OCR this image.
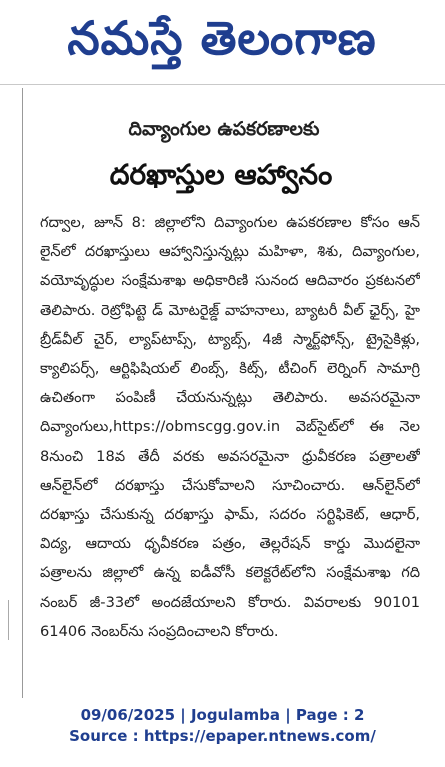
నమస్తే తెలంగాణ
దివ్యాంగుల ఉపకరణాలకు
దరఖాస్తుల ఆహ్వానం
గద్వాల, జూన్ 8: జిల్లాలోని దివ్యాంగుల ఉపకరణాల కోసం ఆన్ లైన్‌లో దరఖాస్తులు ఆహ్వానిస్తున్నట్లు మహిళా, శిశు, దివ్యాంగుల, వయోవృద్ధుల సంక్షేమశాఖ అధికారిణి సునంద ఆదివారం ప్రకటనలో తెలిపారు. రెట్రోఫిట్టె డ్‌ మోటరైజ్డ్ వాహనాలు, బ్యాటరీ వీల్ ఛైర్స్, హై బ్రీడ్‌వీల్ చైర్, ల్యాప్‌టాప్స్, ట్యాబ్స్, 4జీ స్మార్ట్‌ఫోన్స్, ట్రైసైకిళ్లు, క్యాలిపర్స్, ఆర్టిఫిషియల్ లింబ్స్, కిట్స్, టీచింగ్ లెర్నింగ్ సామాగ్రి ఉచితంగా పంపిణీ చేయనున్నట్లు తెలిపారు. అవసరమైనా దివ్యాంగులు,https://obmscgg.gov.in వెబ్‌సైట్‌లో ఈ నెల 8నుంచి 18వ తేదీ వరకు అవసరమైనా ధ్రువీకరణ పత్రాలతో ఆన్‌లైన్‌లో దరఖాస్తు చేసుకోవాలని సూచించారు. ఆన్‌లైన్‌లో దరఖాస్తు చేసుకున్న దరఖాస్తు ఫామ్, సదరం సర్టిఫికెట్, ఆధార్, విద్య, ఆదాయ ధృవీకరణ పత్రం, తెల్లరేషన్ కార్డు మొదలైనా పత్రాలను జిల్లాలో ఉన్న ఐడీవోసీ కలెక్టరేట్‌లోని సంక్షేమశాఖ గది నంబర్ జీ-33లో అందజేయాలని కోరారు. వివరాలకు 90101 61406 నెంబర్‌ను సంప్రదించాలని కోరారు.
09/06/2025 | Jogulamba | Page : 2
Source : https://epaper.ntnews.com/
